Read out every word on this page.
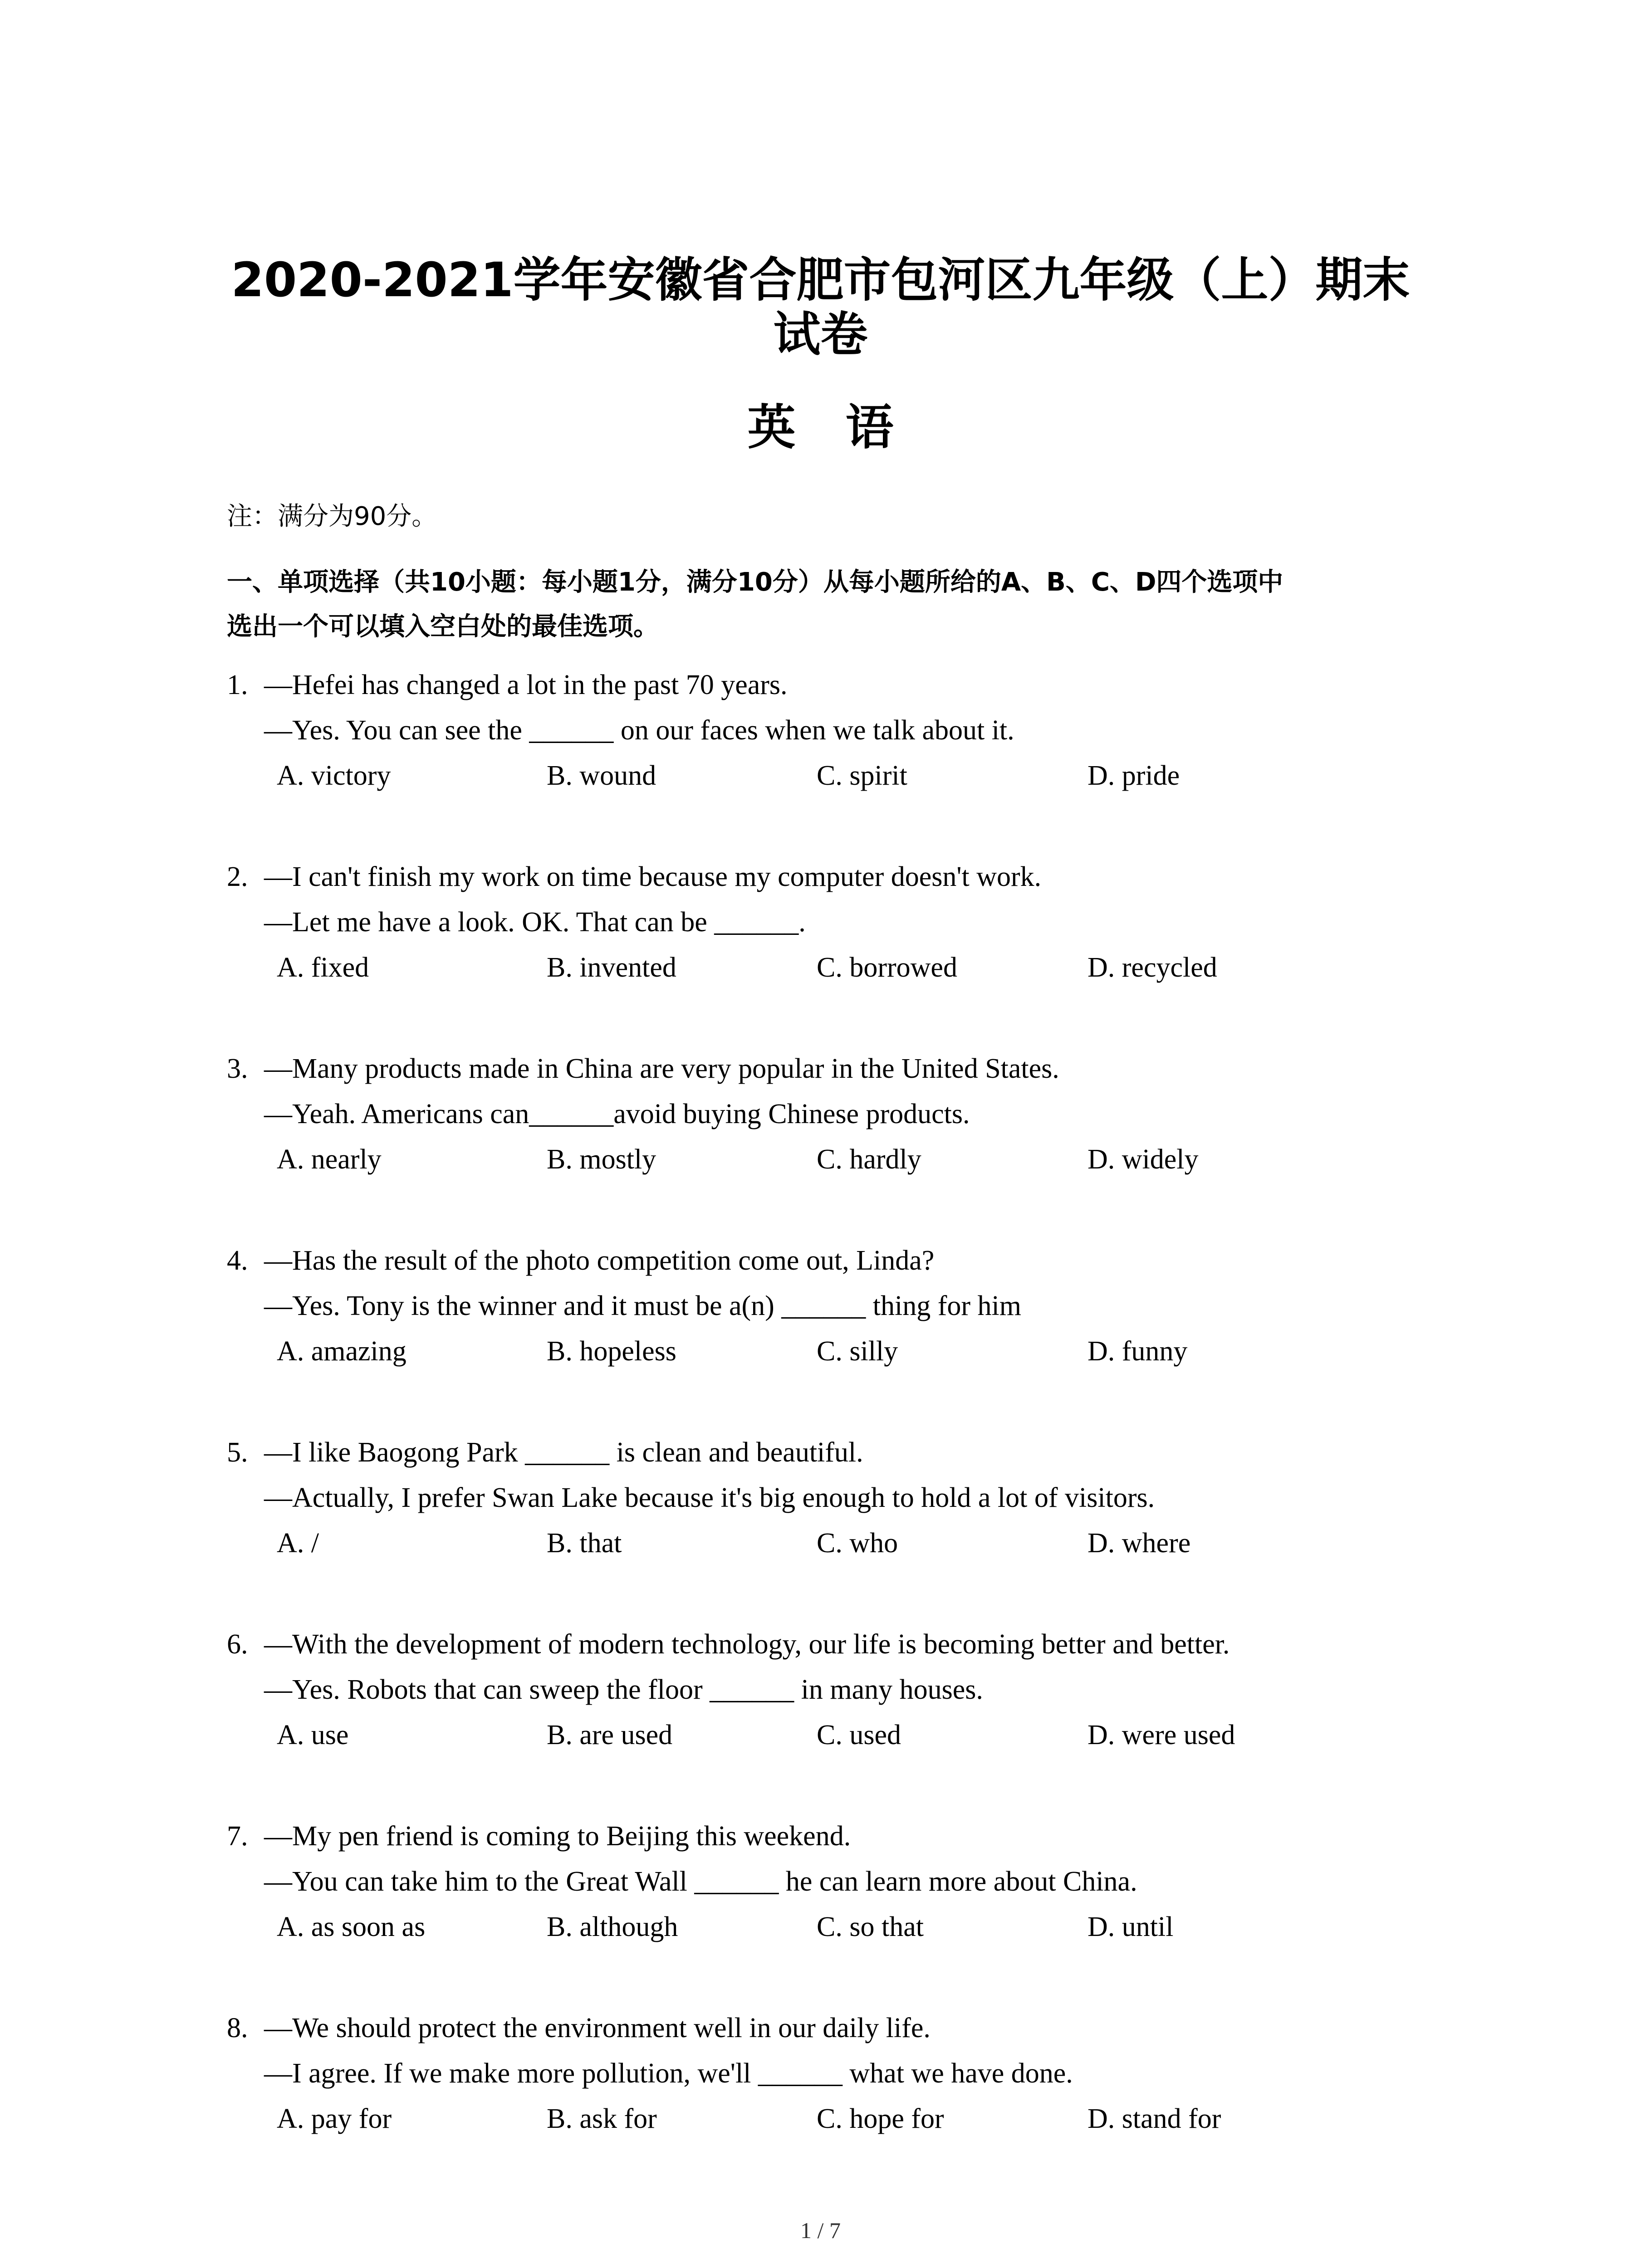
2020-2021学年安徽省合肥市包河区九年级（上）期末
试卷
英语
注：满分为90分。
一、单项选择（共10小题：每小题1分，满分10分）从每小题所给的A、B、C、D四个选项中
选出一个可以填入空白处的最佳选项。
1. —Hefei has changed a lot in the past 70 years.
—Yes. You can see the ______ on our faces when we talk about it.
A. victory	B. wound	C. spirit	D. pride
2. —I can't finish my work on time because my computer doesn't work.
—Let me have a look. OK. That can be ______.
A. fixed	B. invented	C. borrowed	D. recycled
3. —Many products made in China are very popular in the United States.
—Yeah. Americans can______avoid buying Chinese products.
A. nearly	B. mostly	C. hardly	D. widely
4. —Has the result of the photo competition come out, Linda?
—Yes. Tony is the winner and it must be a(n) ______ thing for him
A. amazing	B. hopeless	C. silly	D. funny
5. —I like Baogong Park ______ is clean and beautiful.
—Actually, I prefer Swan Lake because it's big enough to hold a lot of visitors.
A. /	B. that	C. who	D. where
6. —With the development of modern technology, our life is becoming better and better.
—Yes. Robots that can sweep the floor ______ in many houses.
A. use	B. are used	C. used	D. were used
7. —My pen friend is coming to Beijing this weekend.
—You can take him to the Great Wall ______ he can learn more about China.
A. as soon as	B. although	C. so that	D. until
8. —We should protect the environment well in our daily life.
—I agree. If we make more pollution, we'll ______ what we have done.
A. pay for	B. ask for	C. hope for	D. stand for
1 / 7
